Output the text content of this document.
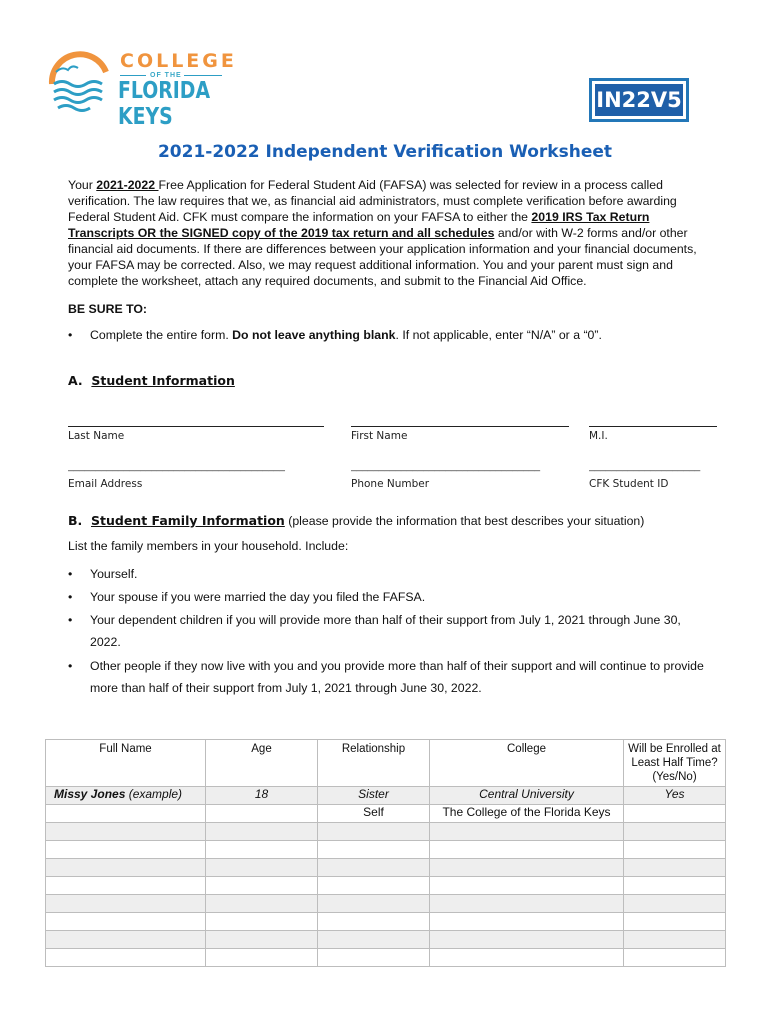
COLLEGE
OF THE
FLORIDA KEYS
IN22V5
2021-2022 Independent Verification Worksheet
Your 2021-2022 Free Application for Federal Student Aid (FAFSA) was selected for review in a process called verification. The law requires that we, as financial aid administrators, must complete verification before awarding Federal Student Aid. CFK must compare the information on your FAFSA to either the 2019 IRS Tax Return Transcripts OR the SIGNED copy of the 2019 tax return and all schedules and/or with W-2 forms and/or other financial aid documents. If there are differences between your application information and your financial documents, your FAFSA may be corrected. Also, we may request additional information. You and your parent must sign and complete the worksheet, attach any required documents, and submit to the Financial Aid Office.
BE SURE TO:
•	Complete the entire form. Do not leave anything blank. If not applicable, enter “N/A” or a “0”.
A. Student Information
Last Name	First Name	M.I.
_______________________________________	__________________________________	____________________
Email Address	Phone Number	CFK Student ID
B. Student Family Information (please provide the information that best describes your situation)
List the family members in your household. Include:
•	Yourself.
•	Your spouse if you were married the day you filed the FAFSA.
•	Your dependent children if you will provide more than half of their support from July 1, 2021 through June 30, 2022.
•	Other people if they now live with you and you provide more than half of their support and will continue to provide more than half of their support from July 1, 2021 through June 30, 2022.
Full Name	Age	Relationship	College	Will be Enrolled at Least Half Time? (Yes/No)
Missy Jones (example)	18	Sister	Central University	Yes
		Self	The College of the Florida Keys	
